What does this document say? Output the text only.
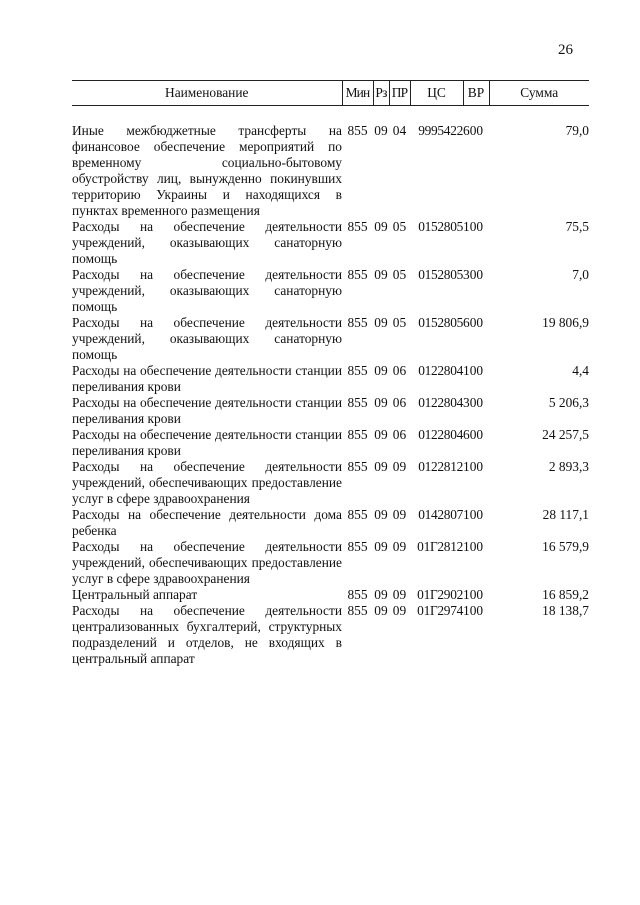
26
Наименование	Мин	Рз	ПР	ЦС	ВР	Сумма

Иные межбюджетные трансферты на финансовое обеспечение мероприятий по временному социально-бытовому обустройству лиц, вынужденно покинувших территорию Украины и находящихся в пунктах временного размещения	855	09	04	9995422	600	79,0
Расходы на обеспечение деятельности учреждений, оказывающих санаторную помощь	855	09	05	0152805	100	75,5
Расходы на обеспечение деятельности учреждений, оказывающих санаторную помощь	855	09	05	0152805	300	7,0
Расходы на обеспечение деятельности учреждений, оказывающих санаторную помощь	855	09	05	0152805	600	19 806,9
Расходы на обеспечение деятельности станции переливания крови	855	09	06	0122804	100	4,4
Расходы на обеспечение деятельности станции переливания крови	855	09	06	0122804	300	5 206,3
Расходы на обеспечение деятельности станции переливания крови	855	09	06	0122804	600	24 257,5
Расходы на обеспечение деятельности учреждений, обеспечивающих предоставление услуг в сфере здравоохранения	855	09	09	0122812	100	2 893,3
Расходы на обеспечение деятельности дома ребенка	855	09	09	0142807	100	28 117,1
Расходы на обеспечение деятельности учреждений, обеспечивающих предоставление услуг в сфере здравоохранения	855	09	09	01Г2812	100	16 579,9
Центральный аппарат	855	09	09	01Г2902	100	16 859,2
Расходы на обеспечение деятельности централизованных бухгалтерий, структурных подразделений и отделов, не входящих в центральный аппарат	855	09	09	01Г2974	100	18 138,7
